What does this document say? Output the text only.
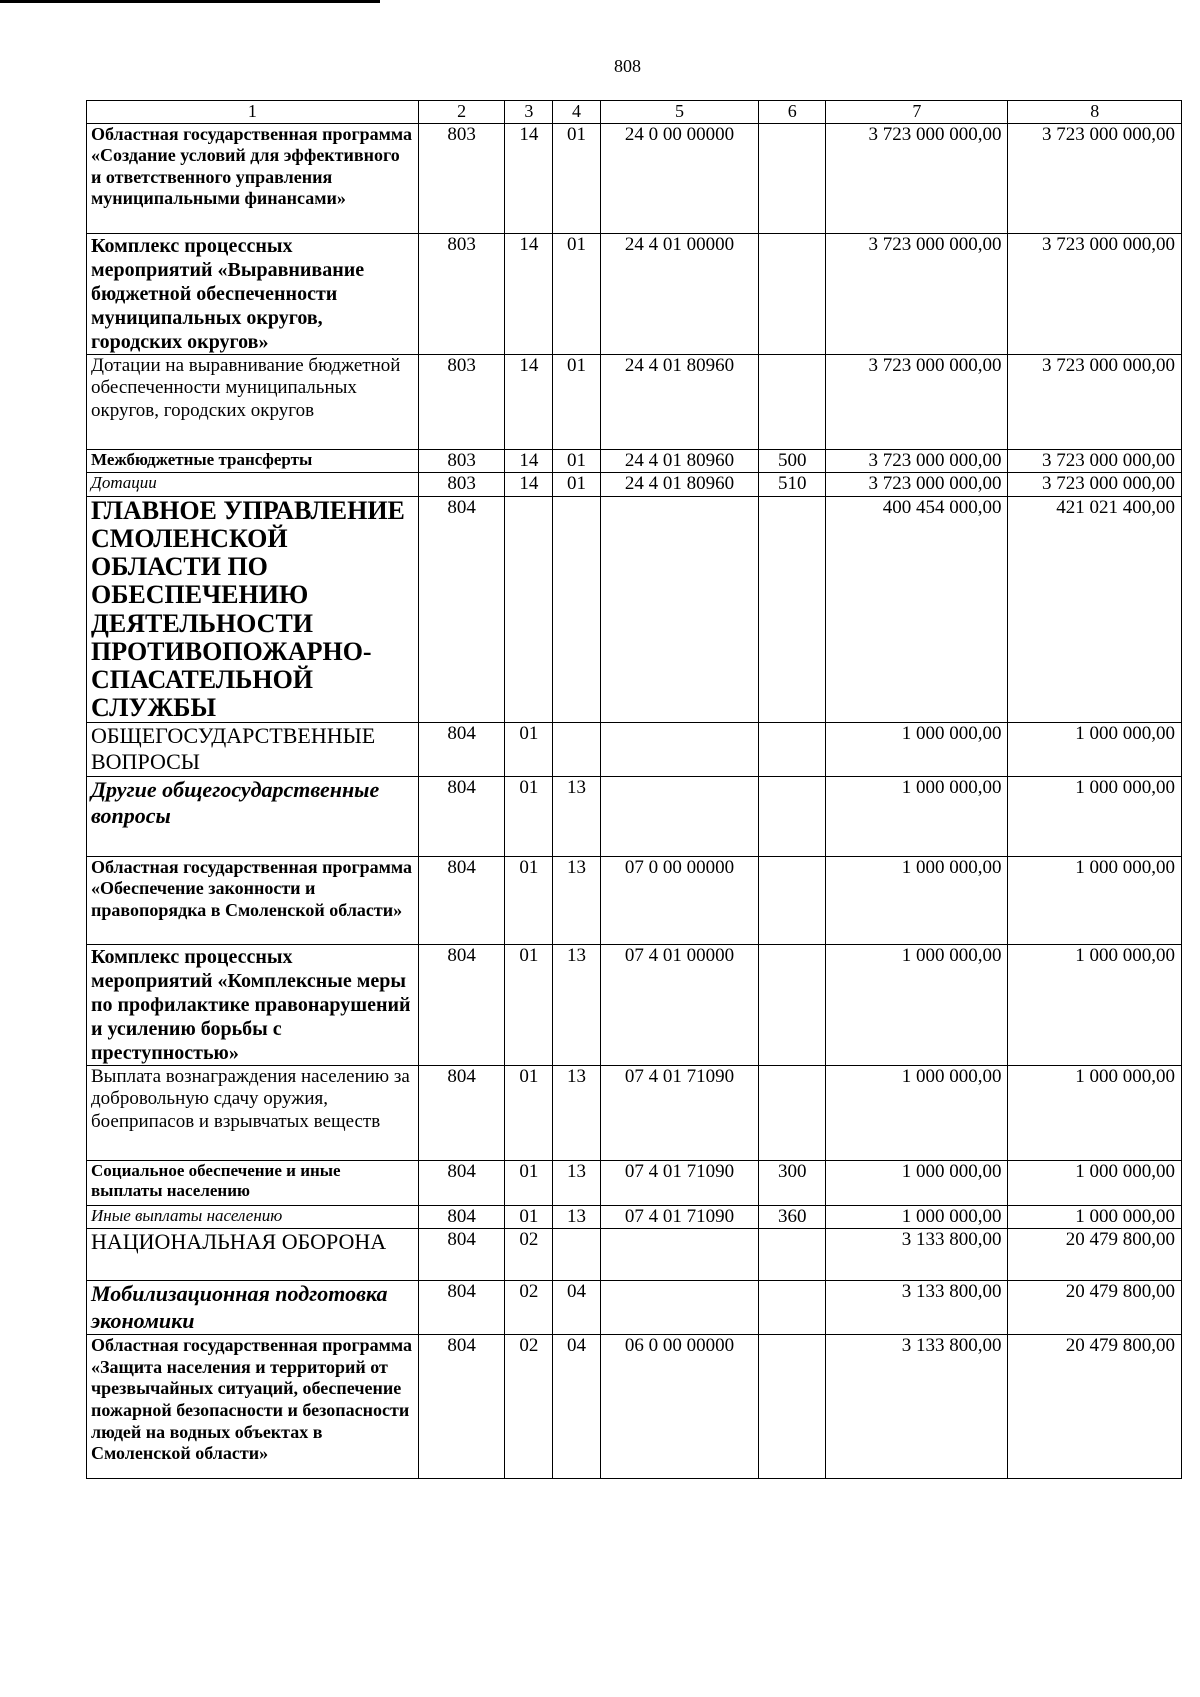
808
1	2	3	4	5	6	7	8
Областная государственная программа «Создание условий для эффективного и ответственного управления муниципальными финансами»	803	14	01	24 0 00 00000		3 723 000 000,00	3 723 000 000,00
Комплекс процессных мероприятий «Выравнивание бюджетной обеспеченности муниципальных округов, городских округов»	803	14	01	24 4 01 00000		3 723 000 000,00	3 723 000 000,00
Дотации на выравнивание бюджетной обеспеченности муниципальных округов, городских округов	803	14	01	24 4 01 80960		3 723 000 000,00	3 723 000 000,00
Межбюджетные трансферты	803	14	01	24 4 01 80960	500	3 723 000 000,00	3 723 000 000,00
Дотации	803	14	01	24 4 01 80960	510	3 723 000 000,00	3 723 000 000,00
ГЛАВНОЕ УПРАВЛЕНИЕ СМОЛЕНСКОЙ ОБЛАСТИ ПО ОБЕСПЕЧЕНИЮ ДЕЯТЕЛЬНОСТИ ПРОТИВОПОЖАРНО-СПАСАТЕЛЬНОЙ СЛУЖБЫ	804					400 454 000,00	421 021 400,00
ОБЩЕГОСУДАРСТВЕННЫЕ ВОПРОСЫ	804	01				1 000 000,00	1 000 000,00
Другие общегосударственные вопросы	804	01	13			1 000 000,00	1 000 000,00
Областная государственная программа «Обеспечение законности и правопорядка в Смоленской области»	804	01	13	07 0 00 00000		1 000 000,00	1 000 000,00
Комплекс процессных мероприятий «Комплексные меры по профилактике правонарушений и усилению борьбы с преступностью»	804	01	13	07 4 01 00000		1 000 000,00	1 000 000,00
Выплата вознаграждения населению за добровольную сдачу оружия, боеприпасов и взрывчатых веществ	804	01	13	07 4 01 71090		1 000 000,00	1 000 000,00
Социальное обеспечение и иные выплаты населению	804	01	13	07 4 01 71090	300	1 000 000,00	1 000 000,00
Иные выплаты населению	804	01	13	07 4 01 71090	360	1 000 000,00	1 000 000,00
НАЦИОНАЛЬНАЯ ОБОРОНА	804	02				3 133 800,00	20 479 800,00
Мобилизационная подготовка экономики	804	02	04			3 133 800,00	20 479 800,00
Областная государственная программа «Защита населения и территорий от чрезвычайных ситуаций, обеспечение пожарной безопасности и безопасности людей на водных объектах в Смоленской области»	804	02	04	06 0 00 00000		3 133 800,00	20 479 800,00
